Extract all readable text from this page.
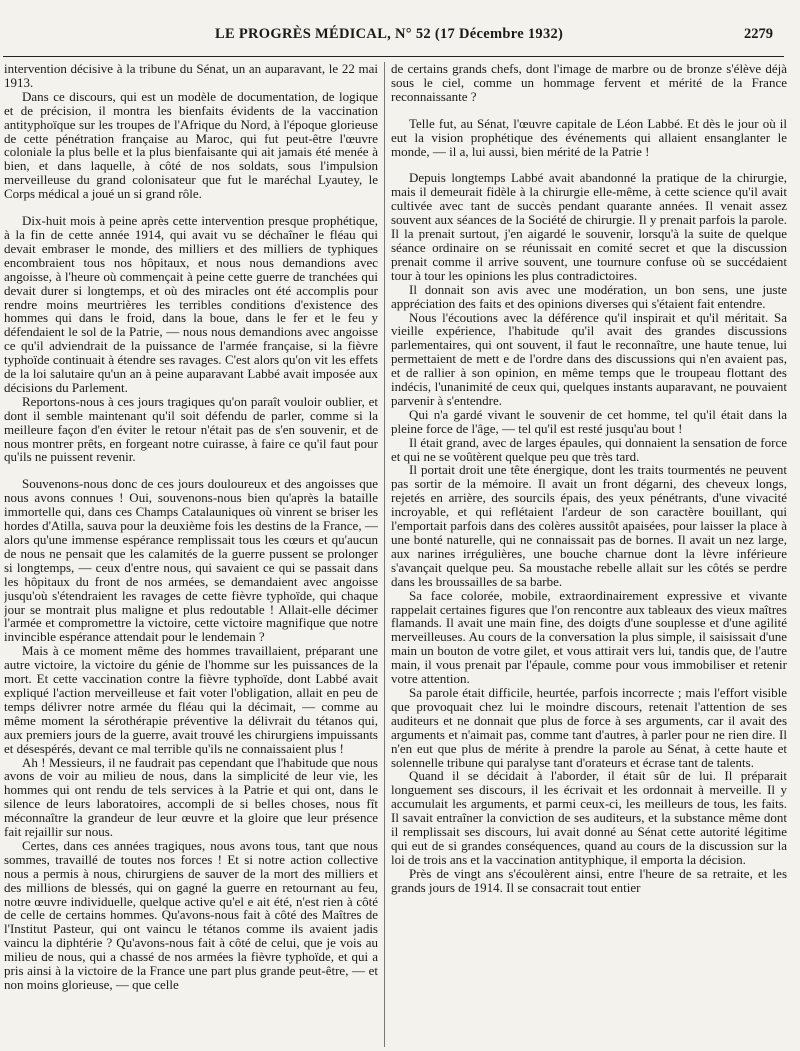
LE PROGRÈS MÉDICAL, N° 52 (17 Décembre 1932)	2279

intervention décisive à la tribune du Sénat, un an auparavant, le 22 mai 1913.

Dans ce discours, qui est un modèle de documentation, de logique et de précision, il montra les bienfaits évidents de la vaccination antityphoïque sur les troupes de l'Afrique du Nord, à l'époque glorieuse de cette pénétration française au Maroc, qui fut peut-être l'œuvre coloniale la plus belle et la plus bienfaisante qui ait jamais été menée à bien, et dans laquelle, à côté de nos soldats, sous l'impulsion merveilleuse du grand colonisateur que fut le maréchal Lyautey, le Corps médical a joué un si grand rôle.

Dix-huit mois à peine après cette intervention presque prophétique, à la fin de cette année 1914, qui avait vu se déchaîner le fléau qui devait embraser le monde, des milliers et des milliers de typhiques encombraient tous nos hôpitaux, et nous nous demandions avec angoisse, à l'heure où commençait à peine cette guerre de tranchées qui devait durer si longtemps, et où des miracles ont été accomplis pour rendre moins meurtrières les terribles conditions d'existence des hommes qui dans le froid, dans la boue, dans le fer et le feu y défendaient le sol de la Patrie, — nous nous demandions avec angoisse ce qu'il adviendrait de la puissance de l'armée française, si la fièvre typhoïde continuait à étendre ses ravages. C'est alors qu'on vit les effets de la loi salutaire qu'un an à peine auparavant Labbé avait imposée aux décisions du Parlement.

Reportons-nous à ces jours tragiques qu'on paraît vouloir oublier, et dont il semble maintenant qu'il soit défendu de parler, comme si la meilleure façon d'en éviter le retour n'était pas de s'en souvenir, et de nous montrer prêts, en forgeant notre cuirasse, à faire ce qu'il faut pour qu'ils ne puissent revenir.

Souvenons-nous donc de ces jours douloureux et des angoisses que nous avons connues ! Oui, souvenons-nous bien qu'après la bataille immortelle qui, dans ces Champs Catalauniques où vinrent se briser les hordes d'Atilla, sauva pour la deuxième fois les destins de la France, — alors qu'une immense espérance remplissait tous les cœurs et qu'aucun de nous ne pensait que les calamités de la guerre pussent se prolonger si longtemps, — ceux d'entre nous, qui savaient ce qui se passait dans les hôpitaux du front de nos armées, se demandaient avec angoisse jusqu'où s'étendraient les ravages de cette fièvre typhoïde, qui chaque jour se montrait plus maligne et plus redoutable ! Allait-elle décimer l'armée et compromettre la victoire, cette victoire magnifique que notre invincible espérance attendait pour le lendemain ?

Mais à ce moment même des hommes travaillaient, préparant une autre victoire, la victoire du génie de l'homme sur les puissances de la mort. Et cette vaccination contre la fièvre typhoïde, dont Labbé avait expliqué l'action merveilleuse et fait voter l'obligation, allait en peu de temps délivrer notre armée du fléau qui la décimait, — comme au même moment la sérothérapie préventive la délivrait du tétanos qui, aux premiers jours de la guerre, avait trouvé les chirurgiens impuissants et désespérés, devant ce mal terrible qu'ils ne connaissaient plus !

Ah ! Messieurs, il ne faudrait pas cependant que l'habitude que nous avons de voir au milieu de nous, dans la simplicité de leur vie, les hommes qui ont rendu de tels services à la Patrie et qui ont, dans le silence de leurs laboratoires, accompli de si belles choses, nous fît méconnaître la grandeur de leur œuvre et la gloire que leur présence fait rejaillir sur nous.

Certes, dans ces années tragiques, nous avons tous, tant que nous sommes, travaillé de toutes nos forces ! Et si notre action collective nous a permis à nous, chirurgiens de sauver de la mort des milliers et des millions de blessés, qui on gagné la guerre en retournant au feu, notre œuvre individuelle, quelque active qu'el e ait été, n'est rien à côté de celle de certains hommes. Qu'avons-nous fait à côté des Maîtres de l'Institut Pasteur, qui ont vaincu le tétanos comme ils avaient jadis vaincu la diphtérie ? Qu'avons-nous fait à côté de celui, que je vois au milieu de nous, qui a chassé de nos armées la fièvre typhoïde, et qui a pris ainsi à la victoire de la France une part plus grande peut-être, — et non moins glorieuse, — que celle

de certains grands chefs, dont l'image de marbre ou de bronze s'élève déjà sous le ciel, comme un hommage fervent et mérité de la France reconnaissante ?

Telle fut, au Sénat, l'œuvre capitale de Léon Labbé. Et dès le jour où il eut la vision prophétique des événements qui allaient ensanglanter le monde, — il a, lui aussi, bien mérité de la Patrie !

Depuis longtemps Labbé avait abandonné la pratique de la chirurgie, mais il demeurait fidèle à la chirurgie elle-même, à cette science qu'il avait cultivée avec tant de succès pendant quarante années. Il venait assez souvent aux séances de la Société de chirurgie. Il y prenait parfois la parole. Il la prenait surtout, j'en aigardé le souvenir, lorsqu'à la suite de quelque séance ordinaire on se réunissait en comité secret et que la discussion prenait comme il arrive souvent, une tournure confuse où se succédaient tour à tour les opinions les plus contradictoires.

Il donnait son avis avec une modération, un bon sens, une juste appréciation des faits et des opinions diverses qui s'étaient fait entendre.

Nous l'écoutions avec la déférence qu'il inspirait et qu'il méritait. Sa vieille expérience, l'habitude qu'il avait des grandes discussions parlementaires, qui ont souvent, il faut le reconnaître, une haute tenue, lui permettaient de mett e de l'ordre dans des discussions qui n'en avaient pas, et de rallier à son opinion, en même temps que le troupeau flottant des indécis, l'unanimité de ceux qui, quelques instants auparavant, ne pouvaient parvenir à s'entendre.

Qui n'a gardé vivant le souvenir de cet homme, tel qu'il était dans la pleine force de l'âge, — tel qu'il est resté jusqu'au bout !

Il était grand, avec de larges épaules, qui donnaient la sensation de force et qui ne se voûtèrent quelque peu que très tard.

Il portait droit une tête énergique, dont les traits tourmentés ne peuvent pas sortir de la mémoire. Il avait un front dégarni, des cheveux longs, rejetés en arrière, des sourcils épais, des yeux pénétrants, d'une vivacité incroyable, et qui reflétaient l'ardeur de son caractère bouillant, qui l'emportait parfois dans des colères aussitôt apaisées, pour laisser la place à une bonté naturelle, qui ne connaissait pas de bornes. Il avait un nez large, aux narines irrégulières, une bouche charnue dont la lèvre inférieure s'avançait quelque peu. Sa moustache rebelle allait sur les côtés se perdre dans les broussailles de sa barbe.

Sa face colorée, mobile, extraordinairement expressive et vivante rappelait certaines figures que l'on rencontre aux tableaux des vieux maîtres flamands. Il avait une main fine, des doigts d'une souplesse et d'une agilité merveilleuses. Au cours de la conversation la plus simple, il saisissait d'une main un bouton de votre gilet, et vous attirait vers lui, tandis que, de l'autre main, il vous prenait par l'épaule, comme pour vous immobiliser et retenir votre attention.

Sa parole était difficile, heurtée, parfois incorrecte ; mais l'effort visible que provoquait chez lui le moindre discours, retenait l'attention de ses auditeurs et ne donnait que plus de force à ses arguments, car il avait des arguments et n'aimait pas, comme tant d'autres, à parler pour ne rien dire. Il n'en eut que plus de mérite à prendre la parole au Sénat, à cette haute et solennelle tribune qui paralyse tant d'orateurs et écrase tant de talents.

Quand il se décidait à l'aborder, il était sûr de lui. Il préparait longuement ses discours, il les écrivait et les ordonnait à merveille. Il y accumulait les arguments, et parmi ceux-ci, les meilleurs de tous, les faits. Il savait entraîner la conviction de ses auditeurs, et la substance même dont il remplissait ses discours, lui avait donné au Sénat cette autorité légitime qui eut de si grandes conséquences, quand au cours de la discussion sur la loi de trois ans et la vaccination antityphique, il emporta la décision.

Près de vingt ans s'écoulèrent ainsi, entre l'heure de sa retraite, et les grands jours de 1914. Il se consacrait tout entier
